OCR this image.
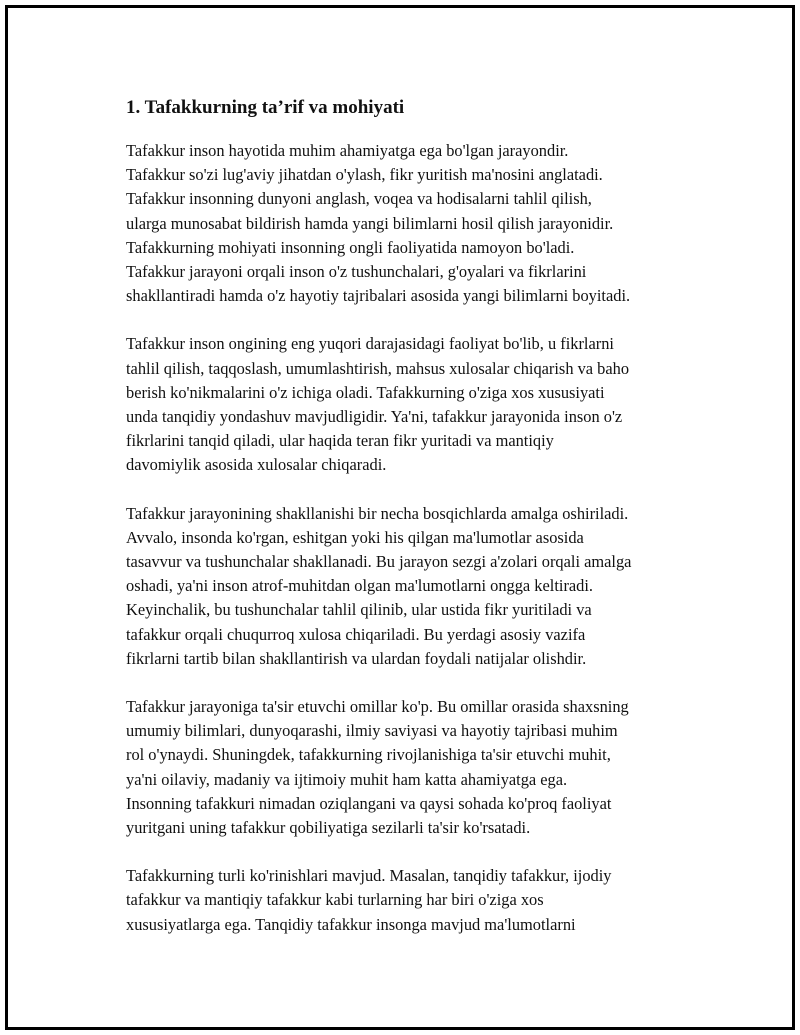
1. Tafakkurning ta’rif va mohiyati
Tafakkur inson hayotida muhim ahamiyatga ega bo'lgan jarayondir.
Tafakkur so'zi lug'aviy jihatdan o'ylash, fikr yuritish ma'nosini anglatadi.
Tafakkur insonning dunyoni anglash, voqea va hodisalarni tahlil qilish,
ularga munosabat bildirish hamda yangi bilimlarni hosil qilish jarayonidir.
Tafakkurning mohiyati insonning ongli faoliyatida namoyon bo'ladi.
Tafakkur jarayoni orqali inson o'z tushunchalari, g'oyalari va fikrlarini
shakllantiradi hamda o'z hayotiy tajribalari asosida yangi bilimlarni boyitadi.
Tafakkur inson ongining eng yuqori darajasidagi faoliyat bo'lib, u fikrlarni
tahlil qilish, taqqoslash, umumlashtirish, mahsus xulosalar chiqarish va baho
berish ko'nikmalarini o'z ichiga oladi. Tafakkurning o'ziga xos xususiyati
unda tanqidiy yondashuv mavjudligidir. Ya'ni, tafakkur jarayonida inson o'z
fikrlarini tanqid qiladi, ular haqida teran fikr yuritadi va mantiqiy
davomiylik asosida xulosalar chiqaradi.
Tafakkur jarayonining shakllanishi bir necha bosqichlarda amalga oshiriladi.
Avvalo, insonda ko'rgan, eshitgan yoki his qilgan ma'lumotlar asosida
tasavvur va tushunchalar shakllanadi. Bu jarayon sezgi a'zolari orqali amalga
oshadi, ya'ni inson atrof-muhitdan olgan ma'lumotlarni ongga keltiradi.
Keyinchalik, bu tushunchalar tahlil qilinib, ular ustida fikr yuritiladi va
tafakkur orqali chuqurroq xulosa chiqariladi. Bu yerdagi asosiy vazifa
fikrlarni tartib bilan shakllantirish va ulardan foydali natijalar olishdir.
Tafakkur jarayoniga ta'sir etuvchi omillar ko'p. Bu omillar orasida shaxsning
umumiy bilimlari, dunyoqarashi, ilmiy saviyasi va hayotiy tajribasi muhim
rol o'ynaydi. Shuningdek, tafakkurning rivojlanishiga ta'sir etuvchi muhit,
ya'ni oilaviy, madaniy va ijtimoiy muhit ham katta ahamiyatga ega.
Insonning tafakkuri nimadan oziqlangani va qaysi sohada ko'proq faoliyat
yuritgani uning tafakkur qobiliyatiga sezilarli ta'sir ko'rsatadi.
Tafakkurning turli ko'rinishlari mavjud. Masalan, tanqidiy tafakkur, ijodiy
tafakkur va mantiqiy tafakkur kabi turlarning har biri o'ziga xos
xususiyatlarga ega. Tanqidiy tafakkur insonga mavjud ma'lumotlarni
